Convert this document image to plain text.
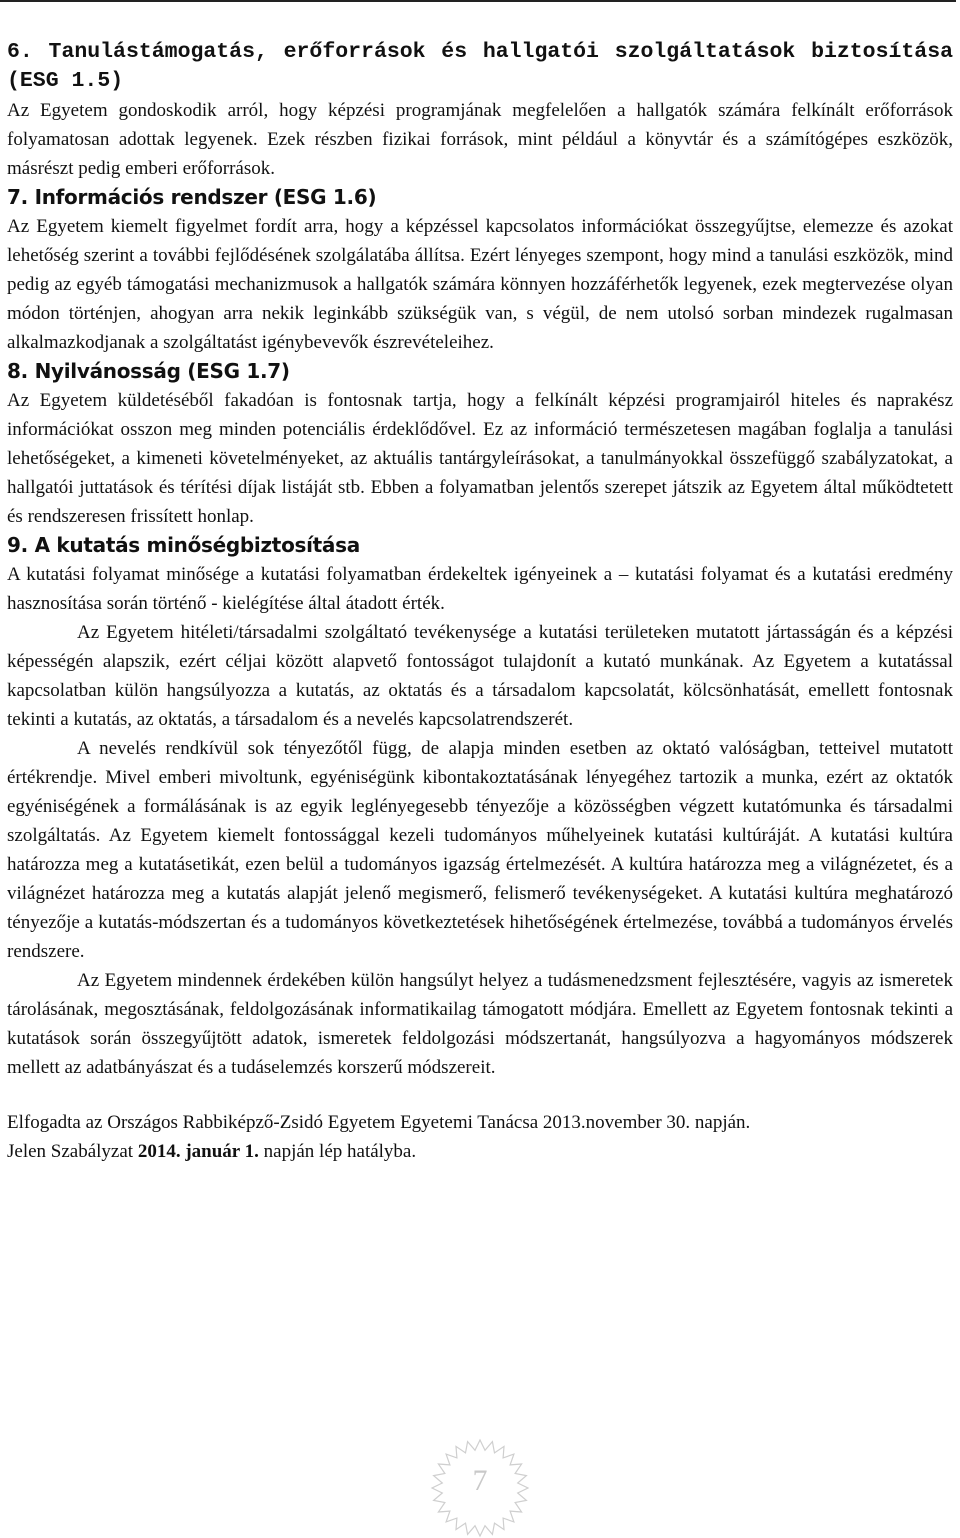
6. Tanulástámogatás, erőforrások és hallgatói szolgáltatások biztosítása (ESG 1.5)

Az Egyetem gondoskodik arról, hogy képzési programjának megfelelően a hallgatók számára felkínált erőforrások folyamatosan adottak legyenek. Ezek részben fizikai források, mint például a könyvtár és a számítógépes eszközök, másrészt pedig emberi erőforrások.

7. Információs rendszer (ESG 1.6)

Az Egyetem kiemelt figyelmet fordít arra, hogy a képzéssel kapcsolatos információkat összegyűjtse, elemezze és azokat lehetőség szerint a további fejlődésének szolgálatába állítsa. Ezért lényeges szempont, hogy mind a tanulási eszközök, mind pedig az egyéb támogatási mechanizmusok a hallgatók számára könnyen hozzáférhetők legyenek, ezek megtervezése olyan módon történjen, ahogyan arra nekik leginkább szükségük van, s végül, de nem utolsó sorban mindezek rugalmasan alkalmazkodjanak a szolgáltatást igénybevevők észrevételeihez.

8. Nyilvánosság (ESG 1.7)

Az Egyetem küldetéséből fakadóan is fontosnak tartja, hogy a felkínált képzési programjairól hiteles és naprakész információkat osszon meg minden potenciális érdeklődővel. Ez az információ természetesen magában foglalja a tanulási lehetőségeket, a kimeneti követelményeket, az aktuális tantárgyleírásokat, a tanulmányokkal összefüggő szabályzatokat, a hallgatói juttatások és térítési díjak listáját stb. Ebben a folyamatban jelentős szerepet játszik az Egyetem által működtetett és rendszeresen frissített honlap.

9. A kutatás minőségbiztosítása

A kutatási folyamat minősége a kutatási folyamatban érdekeltek igényeinek a – kutatási folyamat és a kutatási eredmény hasznosítása során történő - kielégítése által átadott érték.

Az Egyetem hitéleti/társadalmi szolgáltató tevékenysége a kutatási területeken mutatott jártasságán és a képzési képességén alapszik, ezért céljai között alapvető fontosságot tulajdonít a kutató munkának. Az Egyetem a kutatással kapcsolatban külön hangsúlyozza a kutatás, az oktatás és a társadalom kapcsolatát, kölcsönhatását, emellett fontosnak tekinti a kutatás, az oktatás, a társadalom és a nevelés kapcsolatrendszerét.

A nevelés rendkívül sok tényezőtől függ, de alapja minden esetben az oktató valóságban, tetteivel mutatott értékrendje. Mivel emberi mivoltunk, egyéniségünk kibontakoztatásának lényegéhez tartozik a munka, ezért az oktatók egyéniségének a formálásának is az egyik leglényegesebb tényezője a közösségben végzett kutatómunka és társadalmi szolgáltatás. Az Egyetem kiemelt fontossággal kezeli tudományos műhelyeinek kutatási kultúráját. A kutatási kultúra határozza meg a kutatásetikát, ezen belül a tudományos igazság értelmezését. A kultúra határozza meg a világnézetet, és a világnézet határozza meg a kutatás alapját jelenő megismerő, felismerő tevékenységeket. A kutatási kultúra meghatározó tényezője a kutatás-módszertan és a tudományos következtetések hihetőségének értelmezése, továbbá a tudományos érvelés rendszere.

Az Egyetem mindennek érdekében külön hangsúlyt helyez a tudásmenedzsment fejlesztésére, vagyis az ismeretek tárolásának, megosztásának, feldolgozásának informatikailag támogatott módjára. Emellett az Egyetem fontosnak tekinti a kutatások során összegyűjtött adatok, ismeretek feldolgozási módszertanát, hangsúlyozva a hagyományos módszerek mellett az adatbányászat és a tudáselemzés korszerű módszereit.

Elfogadta az Országos Rabbiképző-Zsidó Egyetem Egyetemi Tanácsa 2013.november 30. napján.

Jelen Szabályzat 2014. január 1. napján lép hatályba.

7
